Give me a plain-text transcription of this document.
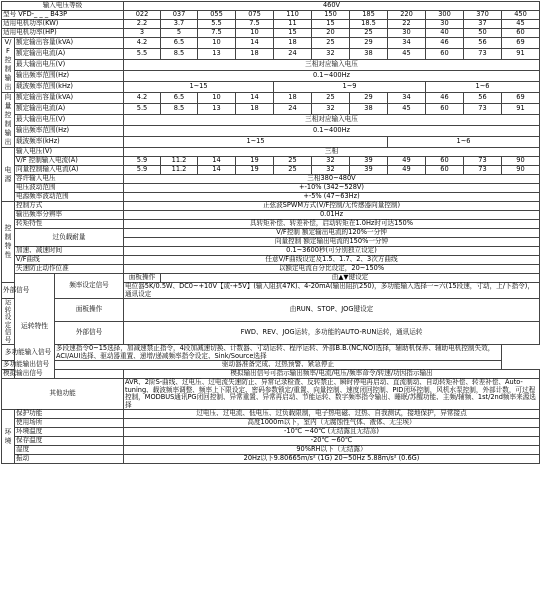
输入电压等级			460V										
型号 VFD-_ _ _ B43P			022	037	055	075	110	150	185	220	300	370	450
适用电机功率(KW)			2.2	3.7	5.5	7.5	11	15	18.5	22	30	37	45
适用电机功率(HP)			3	5	7.5	10	15	20	25	30	40	50	60
V/F控制输出	额定输出容量(kVA)		4.2	6.5	10	14	18	25	29	34	46	56	69
	额定输出电流(A)		5.5	8.5	13	18	24	32	38	45	60	73	91
	最大输出电压(V)		三相对应输入电压										
	输出频率范围(Hz)		0.1~400Hz										
	载波频率范围(kHz)		1~15				1~9				1~6		
向量控制输出	额定输出容量(kVA)		4.2	6.5	10	14	18	25	29	34	46	56	69
	额定输出电流(A)		5.5	8.5	13	18	24	32	38	45	60	73	91
	最大输出电压(V)		三相对应输入电压										
	输出频率范围(Hz)		0.1~400Hz										
	载波频率(kHz)		1~15							1~6			
电源	输入电压(V)		三相										
	V/F 控制输入电流(A)		5.9	11.2	14	19	25	32	39	49	60	73	90
	向量控制输入电流(A)		5.9	11.2	14	19	25	32	39	49	60	73	90
	容许输入电压		三相380~480V										
	电压波动范围		+-10% (342~528V)										
	电源频率波动范围		+-5% (47~63Hz)										
控制特性	控制方式		正弦波SPWM方式(V/F控制/无传感器向量控制)										
	输出频率分辨率		0.01Hz										
	转矩特性		具转矩补偿、转差补偿，启动转矩在1.0Hz时可达150%										
	过负载耐量		V/F控制 额定输出电流的120%一分钟										
			向量控制 额定输出电流的150%一分钟										
	加速、减速时间		0.1~3600秒(可分别独立设定)										
	V/F曲线		任意V/F曲线设定及1.5、1.7、2、3次方曲线										
	失速防止动作位准		以额定电流百分比设定，20~150%										
	运转特性	频率设定信号	面板操作	由▲▼键设定									
外部信号			电位器5K/0.5W、DC0~+10V【或-+5V】(输入阻抗47K)、4-20mA(输出阻抗250)，多功能输入选择一~六(15段速，寸动，上/下指令)，通讯设定										

运转设定信号		面板操作	由RUN、STOP、JOG键设定										
		外部信号	FWD、REV、JOG运转，多功能的AUTO-RUN运转，通讯运转										
多功能输入信号		多段速指令0~15选择，加减速禁止指令，4段加减速切换、计数器、寸动运转、程序运转、外部B.B.(NC,NO)选择，辅助机保养、辅助电机控制失效，ACI/AUI选择、驱动器重置、递增/递减频率指令设定、Sink/Source选择											

多功能输出信号		驱动器准备完成、过热预警、紧急停止											
模拟输出信号			模拟输出信号可指示输出频率/电流/电压/频率命令/转速/功因指示输出										
其他功能			AVR、2阶S-曲线、过电压、过电流失速防止、异常记录检查、反转禁止、瞬时停电再启动、直流制动、自动转矩补偿、转差补偿、Auto-tuning、载波频率调整、频率上下限设定、密码参数锁定/重置、向量控制、速度闭回控制、PID闭环控制，风机水泵控制，外部计数，可过程控制，MODBUS通讯PG闭回控制、异常重置、异常再启动、节能运转、数字频率指令输出、睡眠/苏醒功能、主频/辅频、1st/2nd频率来源选择										

环境	保护功能		过电压、过电流、低电压、过负载限制，电子热电磁、过热、自我测试，接地保护，异常接点										
	使用场所		高度1000m以下，室内（无腐蚀性气体、液体、无尘埃）										
	环境温度		-10℃ ~40℃ (无结露且无结冻)										
	保存温度		-20℃ ~60℃										
	湿度		90%RH以下（无结露）										
	振动		20Hz以下9.80665m/s² (1G) 20~50Hz 5.88m/s² (0.6G)										
